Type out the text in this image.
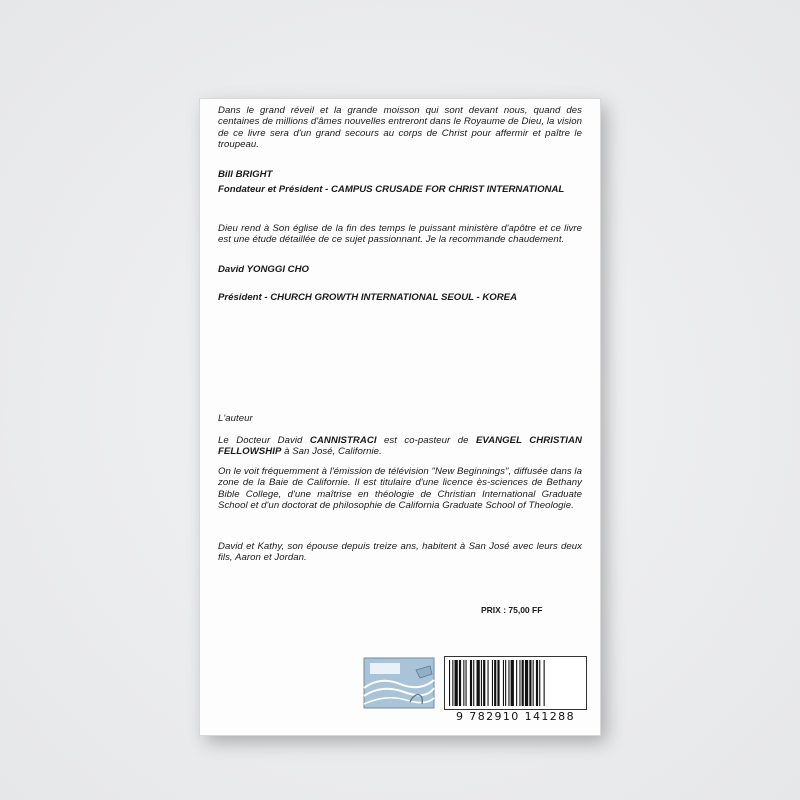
Dans le grand réveil et la grande moisson qui sont devant nous, quand des centaines de millions d'âmes nouvelles entreront dans le Royaume de Dieu, la vision de ce livre sera d'un grand secours au corps de Christ pour affermir et paître le troupeau.
Bill BRIGHT
Fondateur et Président - CAMPUS CRUSADE FOR CHRIST INTERNATIONAL
Dieu rend à Son église de la fin des temps le puissant ministère d'apôtre et ce livre est une étude détaillée de ce sujet passionnant. Je la recommande chaudement.
David YONGGI CHO
Président - CHURCH GROWTH INTERNATIONAL SEOUL - KOREA
L'auteur
Le Docteur David CANNISTRACI est co-pasteur de EVANGEL CHRISTIAN FELLOWSHIP à San José, Californie.
On le voit fréquemment à l'émission de télévision "New Beginnings", diffusée dans la zone de la Baie de Californie. Il est titulaire d'une licence ès-sciences de Bethany Bible College, d'une maîtrise en théologie de Christian International Graduate School et d'un doctorat de philosophie de California Graduate School of Theologie.
David et Kathy, son épouse depuis treize ans, habitent à San José avec leurs deux fils, Aaron et Jordan.
PRIX : 75,00 FF
9 782910 141288
